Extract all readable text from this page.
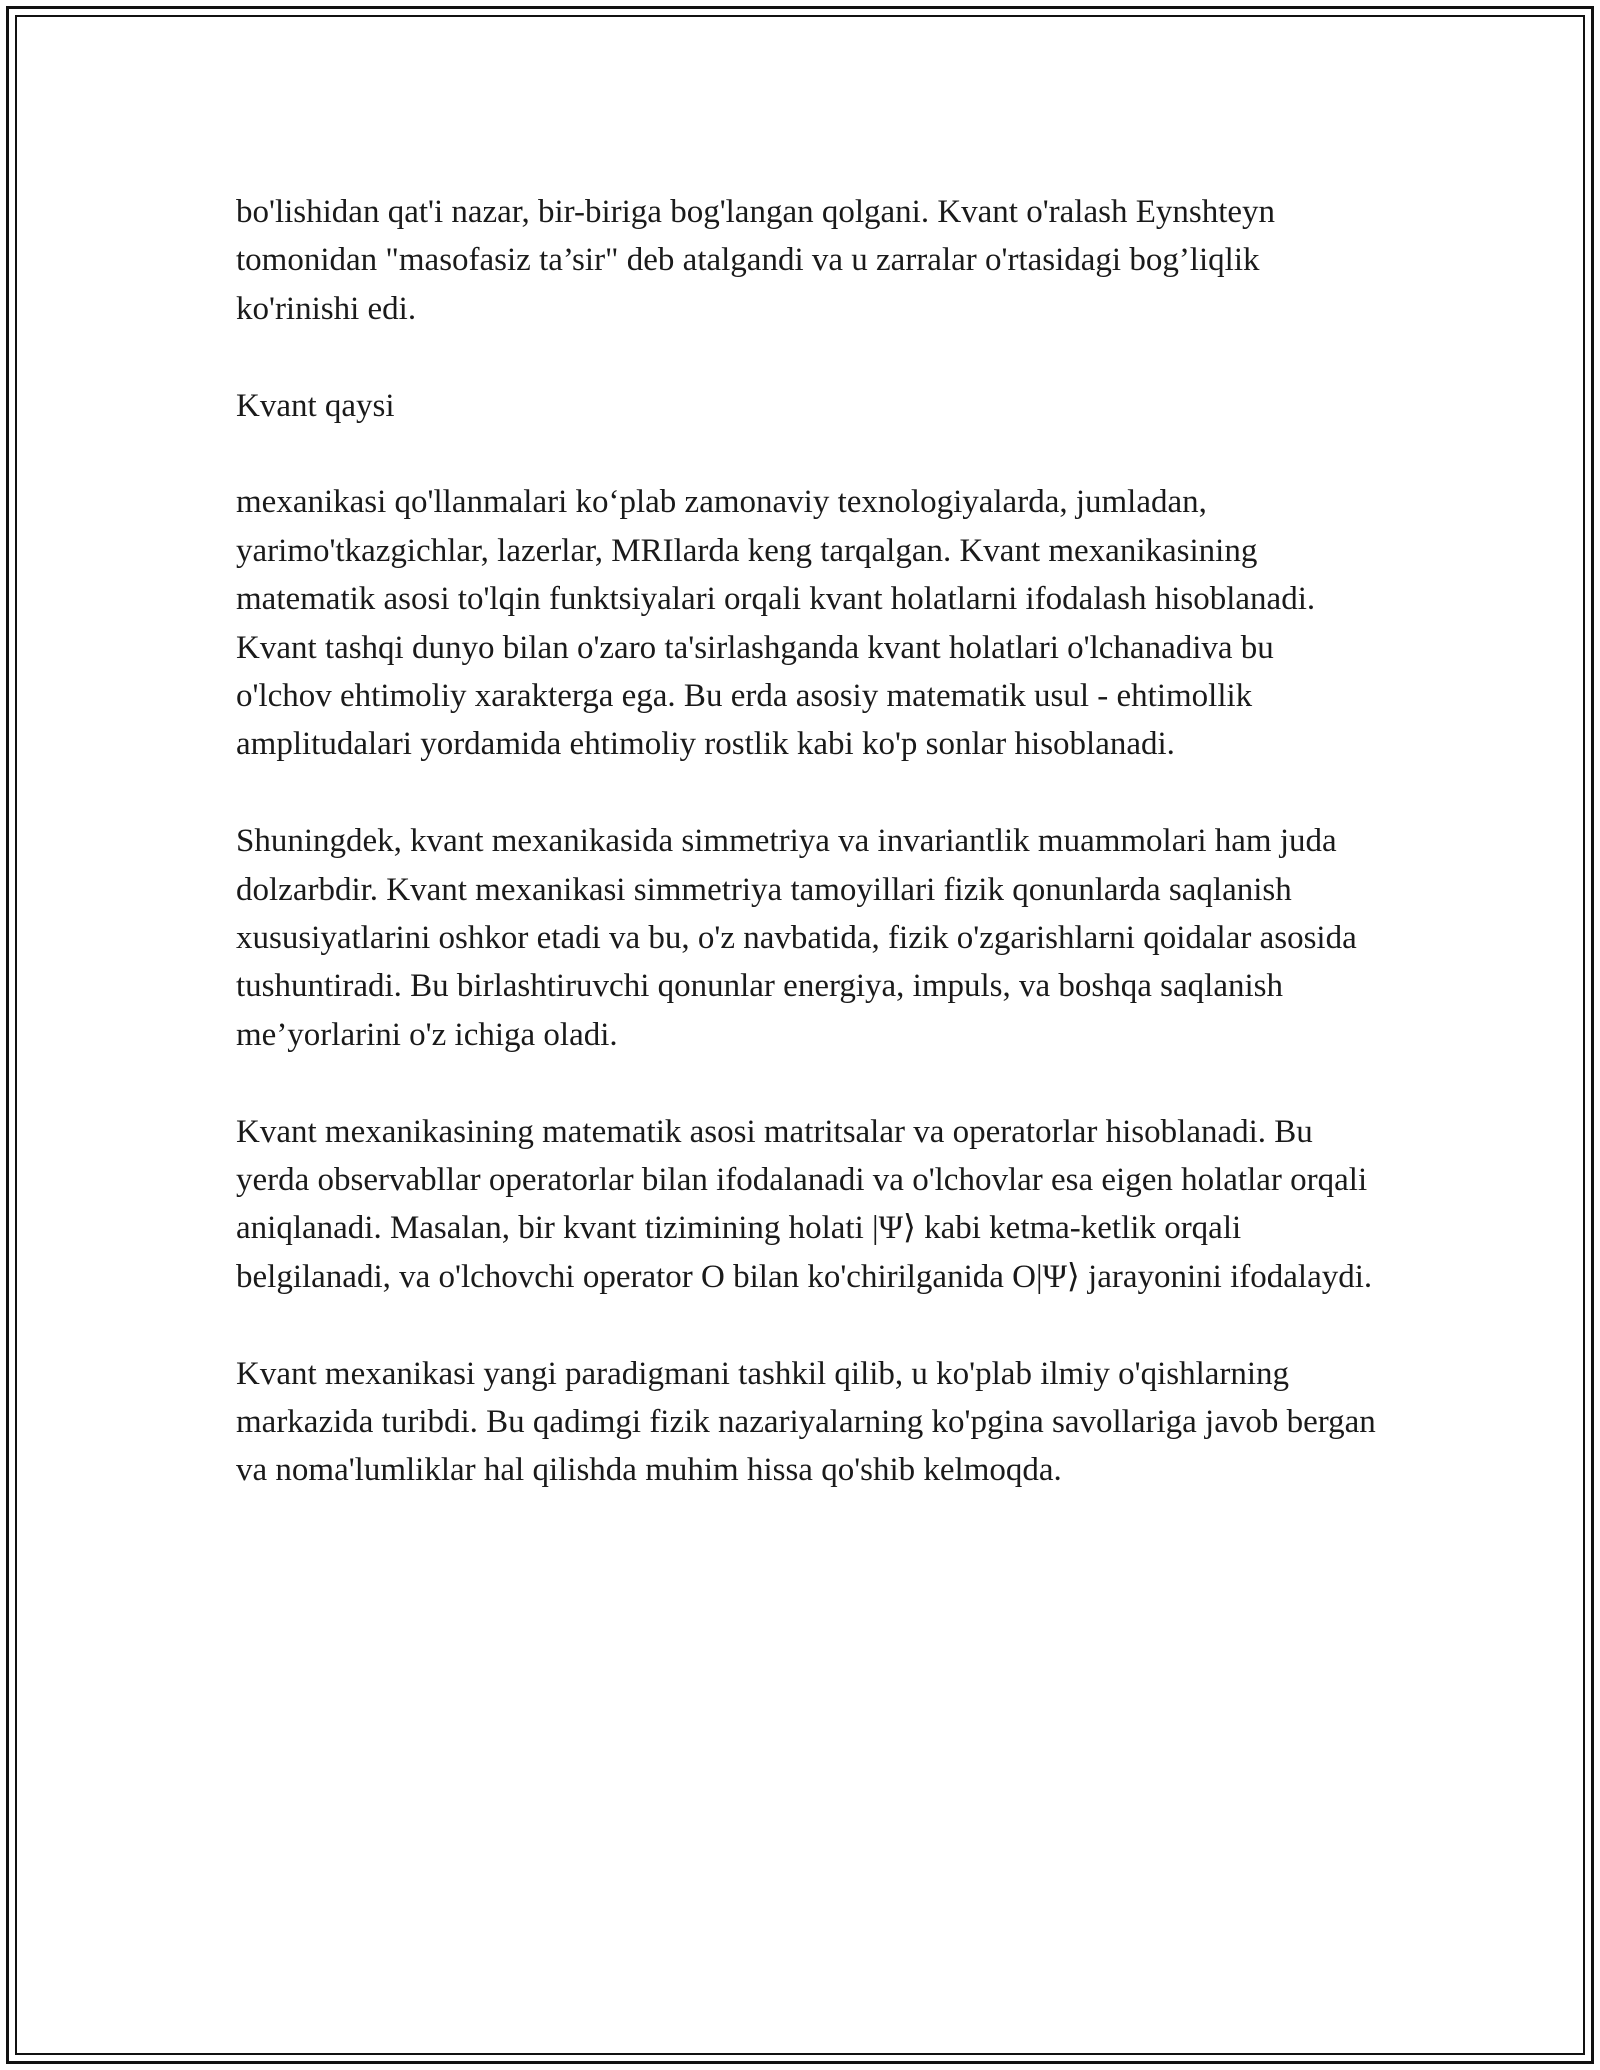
bo'lishidan qat'i nazar, bir-biriga bog'langan qolgani. Kvant o'ralash Eynshteyn tomonidan "masofasiz ta’sir" deb atalgandi va u zarralar o'rtasidagi bog’liqlik ko'rinishi edi.

Kvant qaysi

mexanikasi qo'llanmalari ko‘plab zamonaviy texnologiyalarda, jumladan, yarimo'tkazgichlar, lazerlar, MRIlarda keng tarqalgan. Kvant mexanikasining matematik asosi to'lqin funktsiyalari orqali kvant holatlarni ifodalash hisoblanadi. Kvant tashqi dunyo bilan o'zaro ta'sirlashganda kvant holatlari o'lchanadiva bu o'lchov ehtimoliy xarakterga ega. Bu erda asosiy matematik usul - ehtimollik amplitudalari yordamida ehtimoliy rostlik kabi ko'p sonlar hisoblanadi.

Shuningdek, kvant mexanikasida simmetriya va invariantlik muammolari ham juda dolzarbdir. Kvant mexanikasi simmetriya tamoyillari fizik qonunlarda saqlanish xususiyatlarini oshkor etadi va bu, o'z navbatida, fizik o'zgarishlarni qoidalar asosida tushuntiradi. Bu birlashtiruvchi qonunlar energiya, impuls, va boshqa saqlanish me’yorlarini o'z ichiga oladi.

Kvant mexanikasining matematik asosi matritsalar va operatorlar hisoblanadi. Bu yerda observabllar operatorlar bilan ifodalanadi va o'lchovlar esa eigen holatlar orqali aniqlanadi. Masalan, bir kvant tizimining holati |Ψ⟩ kabi ketma-ketlik orqali belgilanadi, va o'lchovchi operator O bilan ko'chirilganida O|Ψ⟩ jarayonini ifodalaydi.

Kvant mexanikasi yangi paradigmani tashkil qilib, u ko'plab ilmiy o'qishlarning markazida turibdi. Bu qadimgi fizik nazariyalarning ko'pgina savollariga javob bergan va noma'lumliklar hal qilishda muhim hissa qo'shib kelmoqda.
